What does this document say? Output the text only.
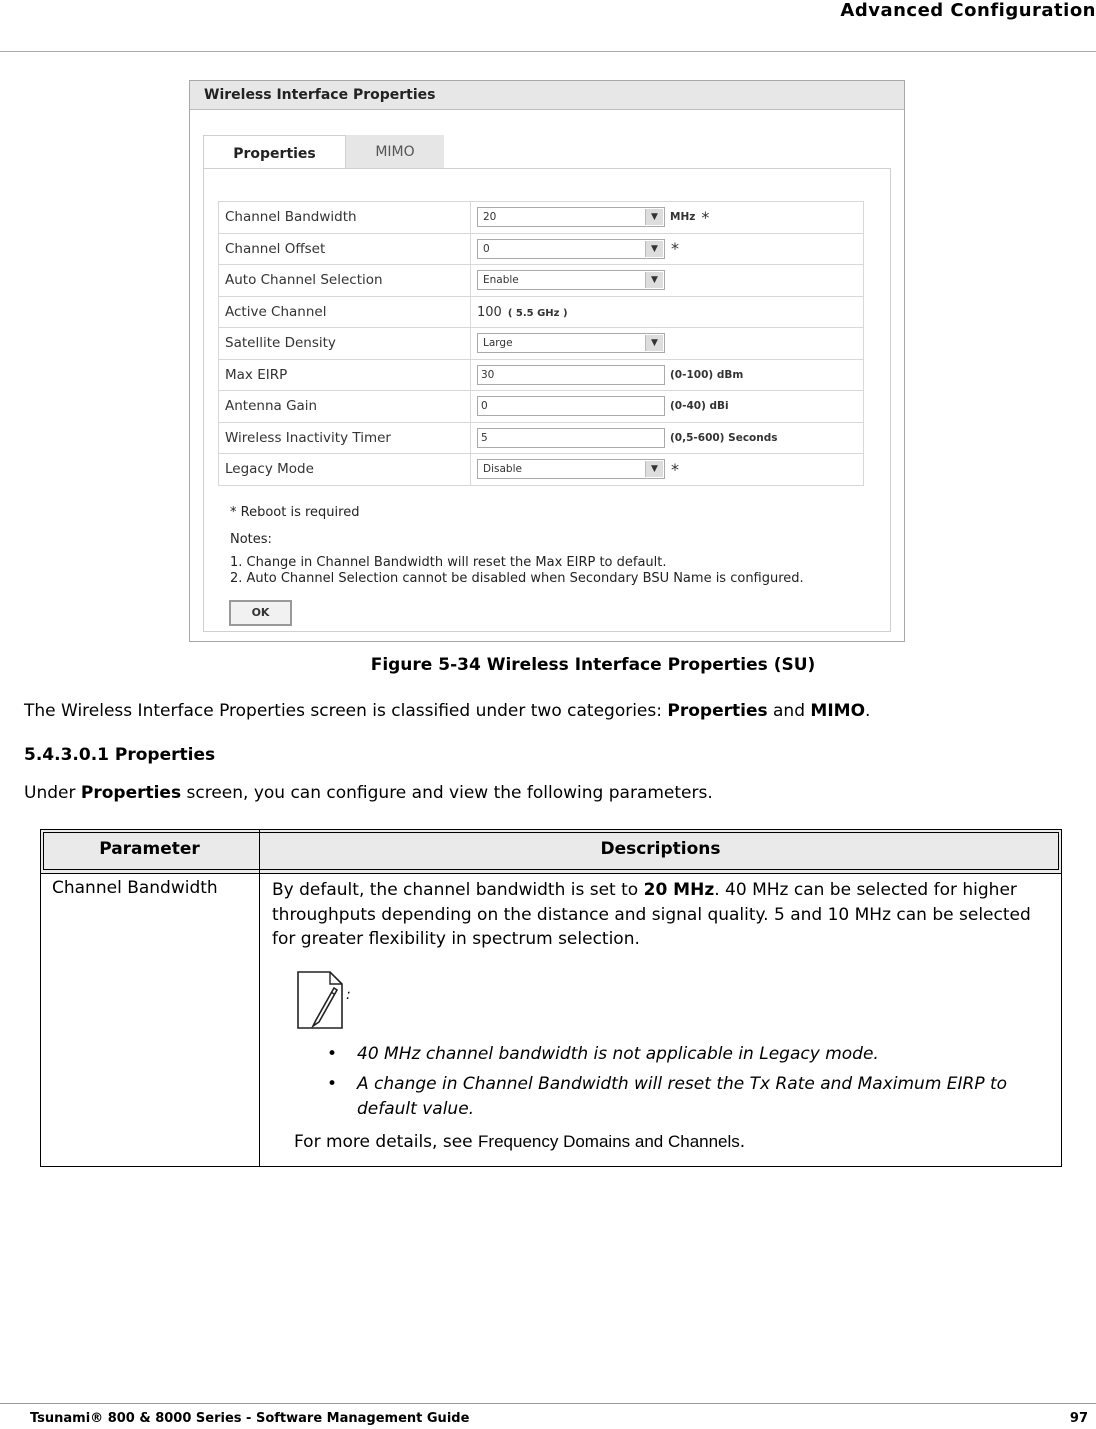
Advanced Configuration
Wireless Interface Properties
Properties	MIMO
Channel Bandwidth	20 ▼ MHz *
Channel Offset	0 ▼ *
Auto Channel Selection	Enable ▼

Active Channel	100 ( 5.5 GHz )
Satellite Density	Large ▼

Max EIRP	30 (0-100) dBm
Antenna Gain	0 (0-40) dBi
Wireless Inactivity Timer	5 (0,5-600) Seconds
Legacy Mode	Disable ▼ *
* Reboot is required
Notes:
1. Change in Channel Bandwidth will reset the Max EIRP to default.
2. Auto Channel Selection cannot be disabled when Secondary BSU Name is configured.
OK
Figure 5-34 Wireless Interface Properties (SU)
The Wireless Interface Properties screen is classified under two categories: Properties and MIMO.
5.4.3.0.1 Properties
Under Properties screen, you can configure and view the following parameters.
Parameter	Descriptions
Channel Bandwidth	By default, the channel bandwidth is set to 20 MHz. 40 MHz can be selected for higher throughputs depending on the distance and signal quality. 5 and 10 MHz can be selected for greater flexibility in spectrum selection.
:
• 40 MHz channel bandwidth is not applicable in Legacy mode.
• A change in Channel Bandwidth will reset the Tx Rate and Maximum EIRP to default value.
For more details, see Frequency Domains and Channels.
Tsunami® 800 & 8000 Series - Software Management Guide	97
